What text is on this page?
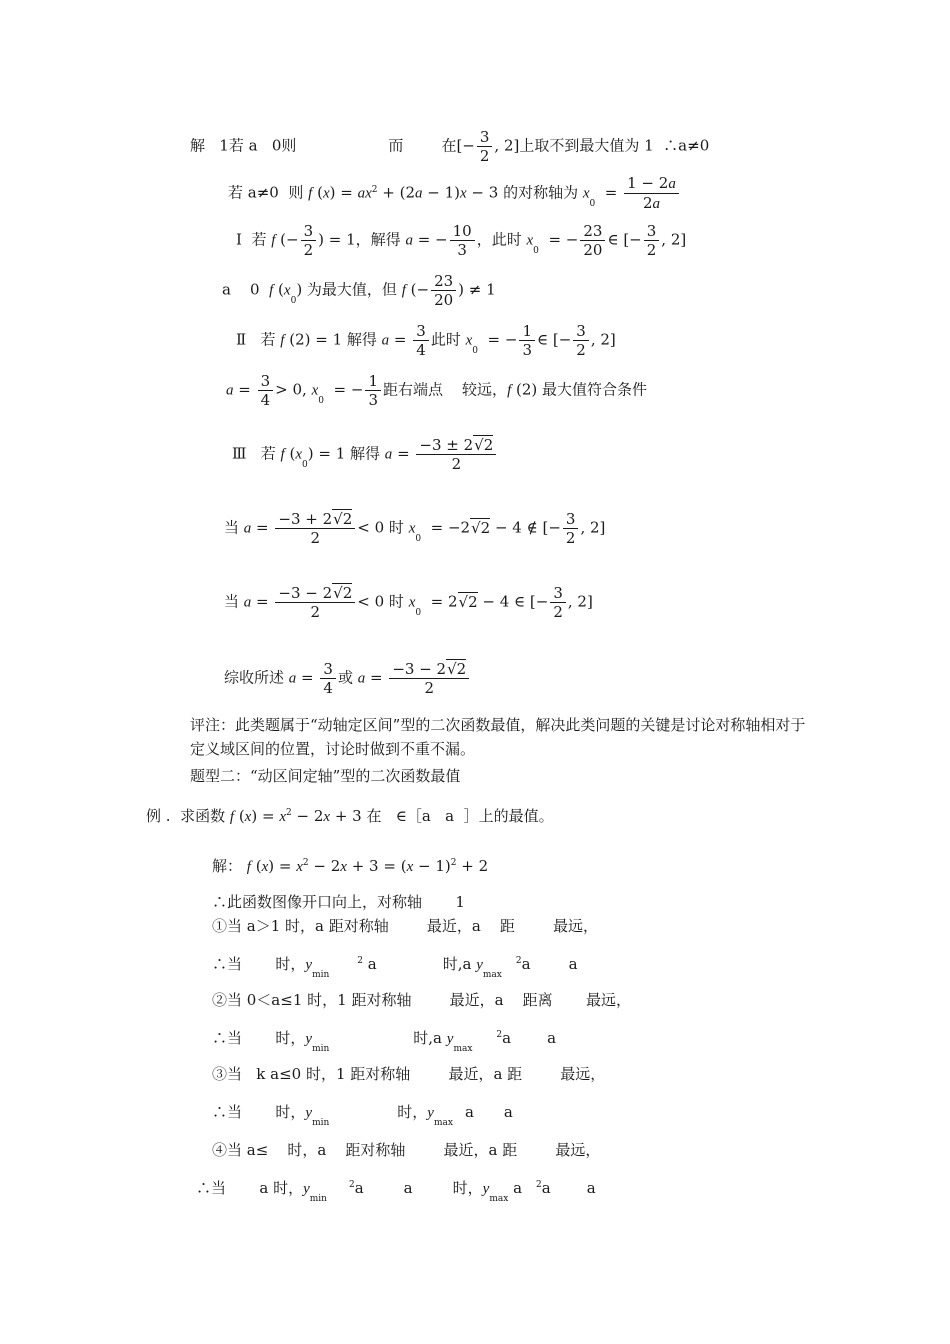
解   1若 a   0则	而	在[− $\frac{3}{2}$ , 2]上取不到最大值为 1  ∴a≠0
若 a≠0  则 f $(x) = ax^2 + (2a - 1)x - 3$ 的对称轴为 $x_0 = \frac{1 - 2a}{2a}$
Ⅰ  若 f (− $\frac{3}{2}$ ) = 1，解得 a = − $\frac{10}{3}$ ，此时 $x_0$  = − $\frac{23}{20}$ ∈ [− $\frac{3}{2}$ , 2]
a    0  f $(x_0)$ 为最大值，但 f (− $\frac{23}{20}$ ) ≠ 1
Ⅱ   若 f (2) = 1 解得 $a = \frac{3}{4}$ 此时 $x_0$  = − $\frac{1}{3}$ ∈ [− $\frac{3}{2}$ , 2]
$a = \frac{3}{4} > 0$, $x_0$  = − $\frac{1}{3}$ 距右端点    较远，f (2) 最大值符合条件
Ⅲ   若 f $(x_0) = 1$ 解得 $a = \frac{-3 \pm 2√2}{2}$
当 $a = \frac{-3 + 2√2}{2} < 0$ 时 $x_0 = -2√2 - 4$ ∉ [− $\frac{3}{2}$ , 2]
当 $a = \frac{-3 - 2√2}{2} < 0$ 时 $x_0 = 2√2 - 4$ ∈ [− $\frac{3}{2}$ , 2]
综收所述 $a = \frac{3}{4}$ 或 $a = \frac{-3 - 2√2}{2}$
评注：此类题属于“动轴定区间”型的二次函数最值，解决此类问题的关键是讨论对称轴相对于定义域区间的位置，讨论时做到不重不漏。
题型二：“动区间定轴”型的二次函数最值
例 . 求函数 f $(x) = x^2 - 2x + 3$ 在   ∈［a   a  ］上的最值。
解： f $(x) = x^2 - 2x + 3 = (x - 1)^2 + 2$
∴此函数图像开口向上，对称轴       1
①当 a＞1 时，a 距对称轴        最近，a    距        最远，
∴当       时，$y_{min}^2$ a	时,a $y_{max}^2a$	a
②当 0＜a≤1 时，1 距对称轴        最近，a    距离       最远，
∴当       时，$y_{min}$时,a $y_{max}^2a$ a
③当   k a≤0 时，1 距对称轴        最近，a 距        最远，
∴当       时，$y_{min}$时，$y_{max}a$ a
④当 a≤    时，a    距对称轴        最近，a 距        最远，
∴当       a 时，$y_{min}^2a$	a	时，$y_{max}$ a $^2$a a
